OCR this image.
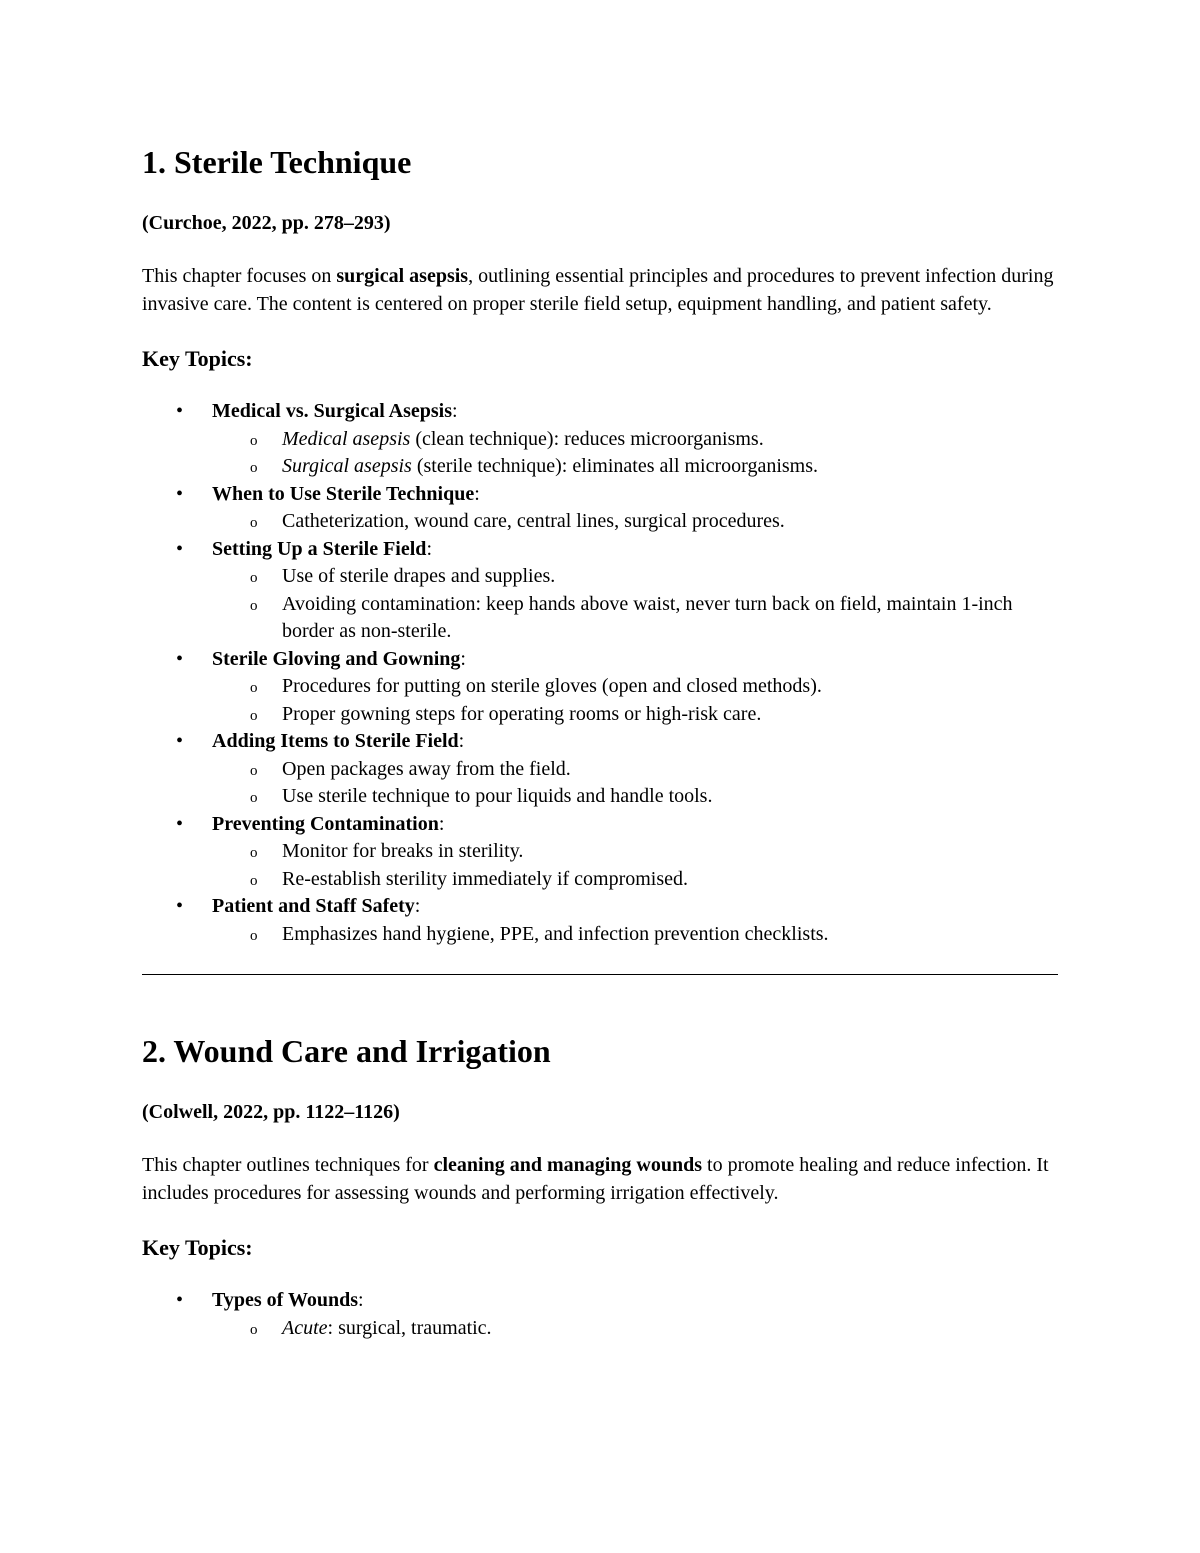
1. Sterile Technique

(Curchoe, 2022, pp. 278–293)

This chapter focuses on surgical asepsis, outlining essential principles and procedures to prevent infection during invasive care. The content is centered on proper sterile field setup, equipment handling, and patient safety.

Key Topics:

• Medical vs. Surgical Asepsis:
o Medical asepsis (clean technique): reduces microorganisms.
o Surgical asepsis (sterile technique): eliminates all microorganisms.
• When to Use Sterile Technique:
o Catheterization, wound care, central lines, surgical procedures.
• Setting Up a Sterile Field:
o Use of sterile drapes and supplies.
o Avoiding contamination: keep hands above waist, never turn back on field, maintain 1-inch border as non-sterile.
• Sterile Gloving and Gowning:
o Procedures for putting on sterile gloves (open and closed methods).
o Proper gowning steps for operating rooms or high-risk care.
• Adding Items to Sterile Field:
o Open packages away from the field.
o Use sterile technique to pour liquids and handle tools.
• Preventing Contamination:
o Monitor for breaks in sterility.
o Re-establish sterility immediately if compromised.
• Patient and Staff Safety:
o Emphasizes hand hygiene, PPE, and infection prevention checklists.
2. Wound Care and Irrigation

(Colwell, 2022, pp. 1122–1126)

This chapter outlines techniques for cleaning and managing wounds to promote healing and reduce infection. It includes procedures for assessing wounds and performing irrigation effectively.

Key Topics:

• Types of Wounds:
o Acute: surgical, traumatic.
